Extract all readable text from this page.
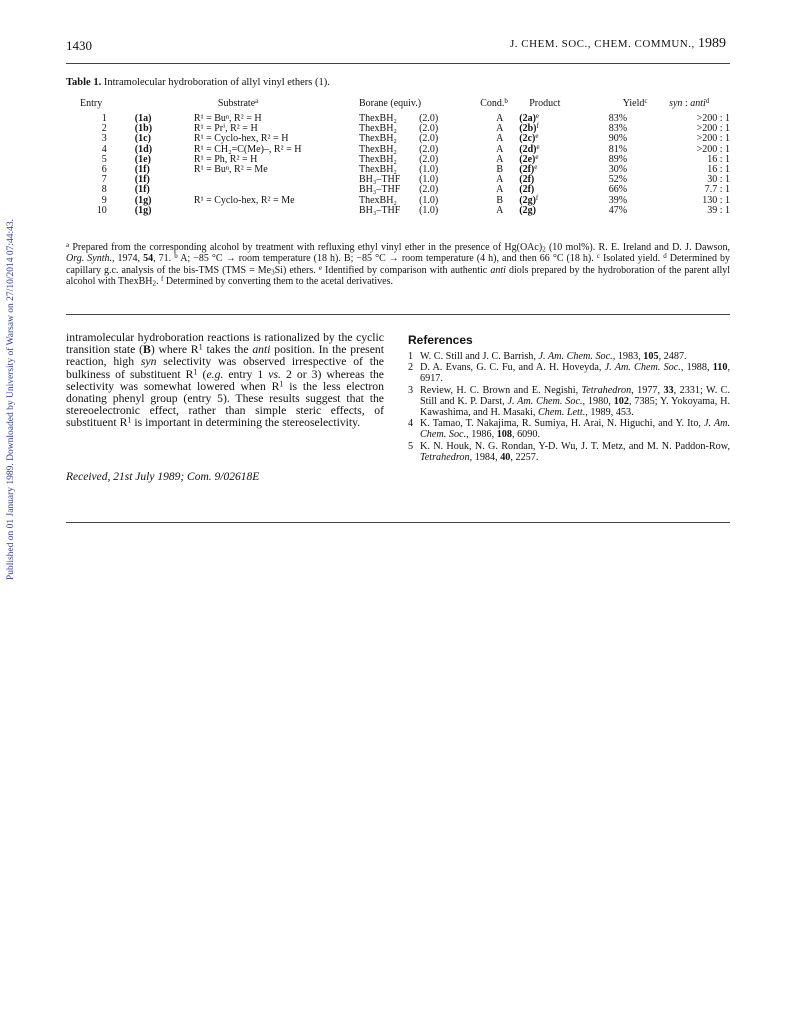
1430	J. CHEM. SOC., CHEM. COMMUN., 1989
Published on 01 January 1989. Downloaded by University of Warsaw on 27/10/2014 07:44:43.
Table 1. Intramolecular hydroboration of allyl vinyl ethers (1).
Entry		Substrate$^a$	Borane (equiv.)		Cond.$^b$	Product	Yield$^c$	syn : anti$^d$
1	(1a)	R¹ = Buⁿ, R² = H	ThexBH₂	(2.0)	A	$(2a)^e$	83%	>200 : 1
2	(1b)	R¹ = Prⁱ, R² = H	ThexBH₂	(2.0)	A	$(2b)^f$	83%	>200 : 1
3	(1c)	R¹ = Cyclo-hex, R² = H	ThexBH₂	(2.0)	A	$(2c)^e$	90%	>200 : 1
4	(1d)	R¹ = CH₂=C(Me)–, R² = H	ThexBH₂	(2.0)	A	$(2d)^e$	81%	>200 : 1
5	(1e)	R¹ = Ph, R² = H	ThexBH₂	(2.0)	A	$(2e)^e$	89%	16 : 1
6	(1f)	R¹ = Buⁿ, R² = Me	ThexBH₂	(1.0)	B	$(2f)^e$	30%	16 : 1
7	(1f)		BH₃–THF	(1.0)	A	(2f)	52%	30 : 1
8	(1f)		BH₃–THF	(2.0)	A	(2f)	66%	7.7 : 1
9	(1g)	R¹ = Cyclo-hex, R² = Me	ThexBH₂	(1.0)	B	$(2g)^f$	39%	130 : 1
10	(1g)		BH₃–THF	(1.0)	A	(2g)	47%	39 : 1
$^a$ Prepared from the corresponding alcohol by treatment with refluxing ethyl vinyl ether in the presence of $Hg(OAc)_2$ (10 mol%). R. E. Ireland and D. J. Dawson, Org. Synth., 1974, 54, 71. $^b$ A; −85 °C → room temperature (18 h). B; −85 °C → room temperature (4 h), and then 66 °C (18 h). $^c$ Isolated yield. $^d$ Determined by capillary g.c. analysis of the bis-TMS $(TMS = Me_3Si)$ ethers. $^e$ Identified by comparison with authentic anti diols prepared by the hydroboration of the parent allyl alcohol with ThexBH$_2$. $^f$ Determined by converting them to the acetal derivatives.
intramolecular hydroboration reactions is rationalized by the cyclic transition state (B) where $R^1$ takes the anti position. In the present reaction, high syn selectivity was observed irrespective of the bulkiness of substituent $R^1$ (e.g. entry 1 vs. 2 or 3) whereas the selectivity was somewhat lowered when $R^1$ is the less electron donating phenyl group (entry 5). These results suggest that the stereoelectronic effect, rather than simple steric effects, of substituent $R^1$ is important in determining the stereoselectivity.
Received, 21st July 1989; Com. 9/02618E
References
1 W. C. Still and J. C. Barrish, J. Am. Chem. Soc., 1983, 105, 2487.
2 D. A. Evans, G. C. Fu, and A. H. Hoveyda, J. Am. Chem. Soc., 1988, 110, 6917.
3 Review, H. C. Brown and E. Negishi, Tetrahedron, 1977, 33, 2331; W. C. Still and K. P. Darst, J. Am. Chem. Soc., 1980, 102, 7385; Y. Yokoyama, H. Kawashima, and H. Masaki, Chem. Lett., 1989, 453.
4 K. Tamao, T. Nakajima, R. Sumiya, H. Arai, N. Higuchi, and Y. Ito, J. Am. Chem. Soc., 1986, 108, 6090.
5 K. N. Houk, N. G. Rondan, Y-D. Wu, J. T. Metz, and M. N. Paddon-Row, Tetrahedron, 1984, 40, 2257.
